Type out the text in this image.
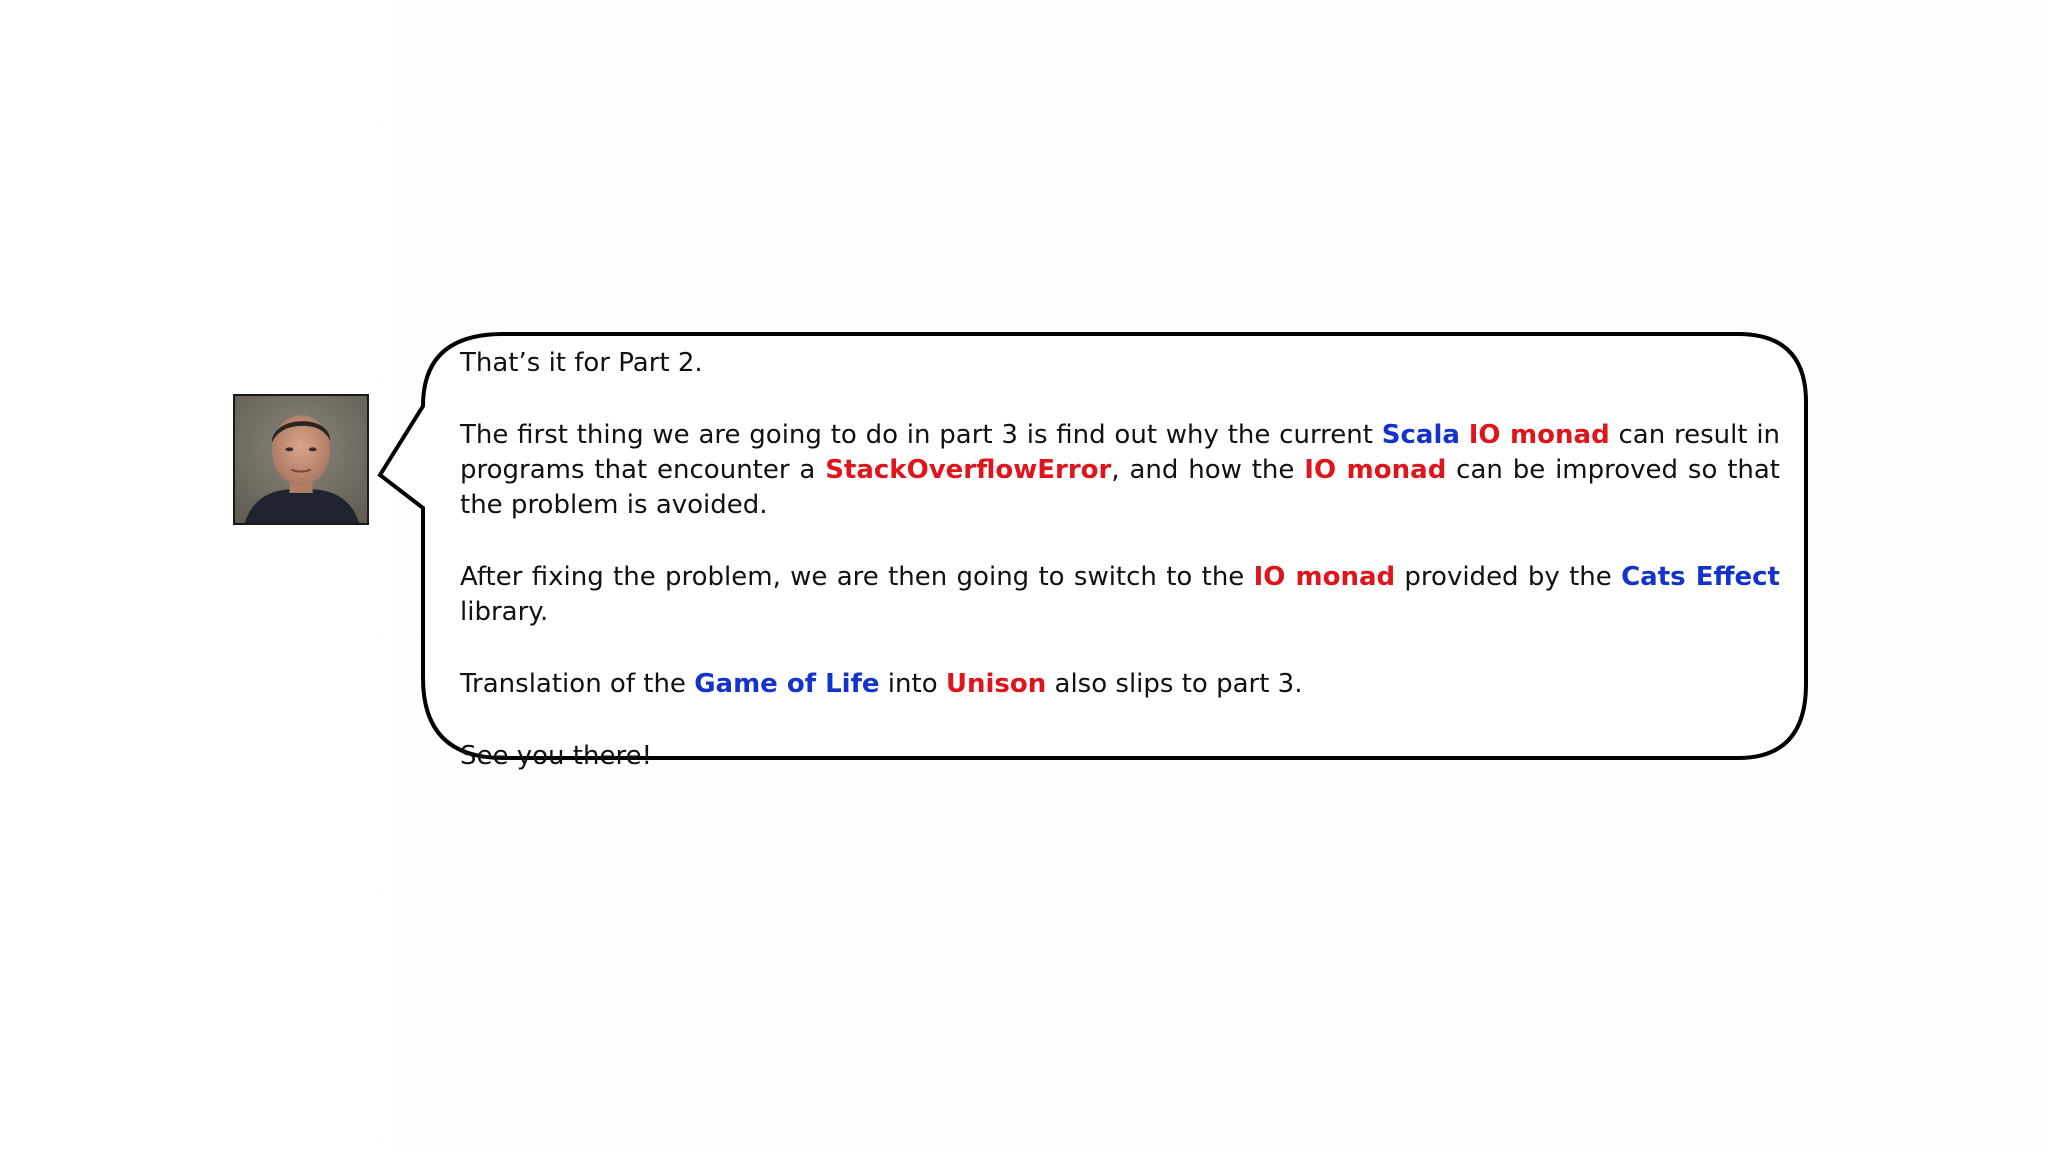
That’s it for Part 2.

The first thing we are going to do in part 3 is find out why the current Scala IO monad can result in programs that encounter a StackOverflowError, and how the IO monad can be improved so that the problem is avoided.

After fixing the problem, we are then going to switch to the IO monad provided by the Cats Effect library.

Translation of the Game of Life into Unison also slips to part 3.

See you there!
